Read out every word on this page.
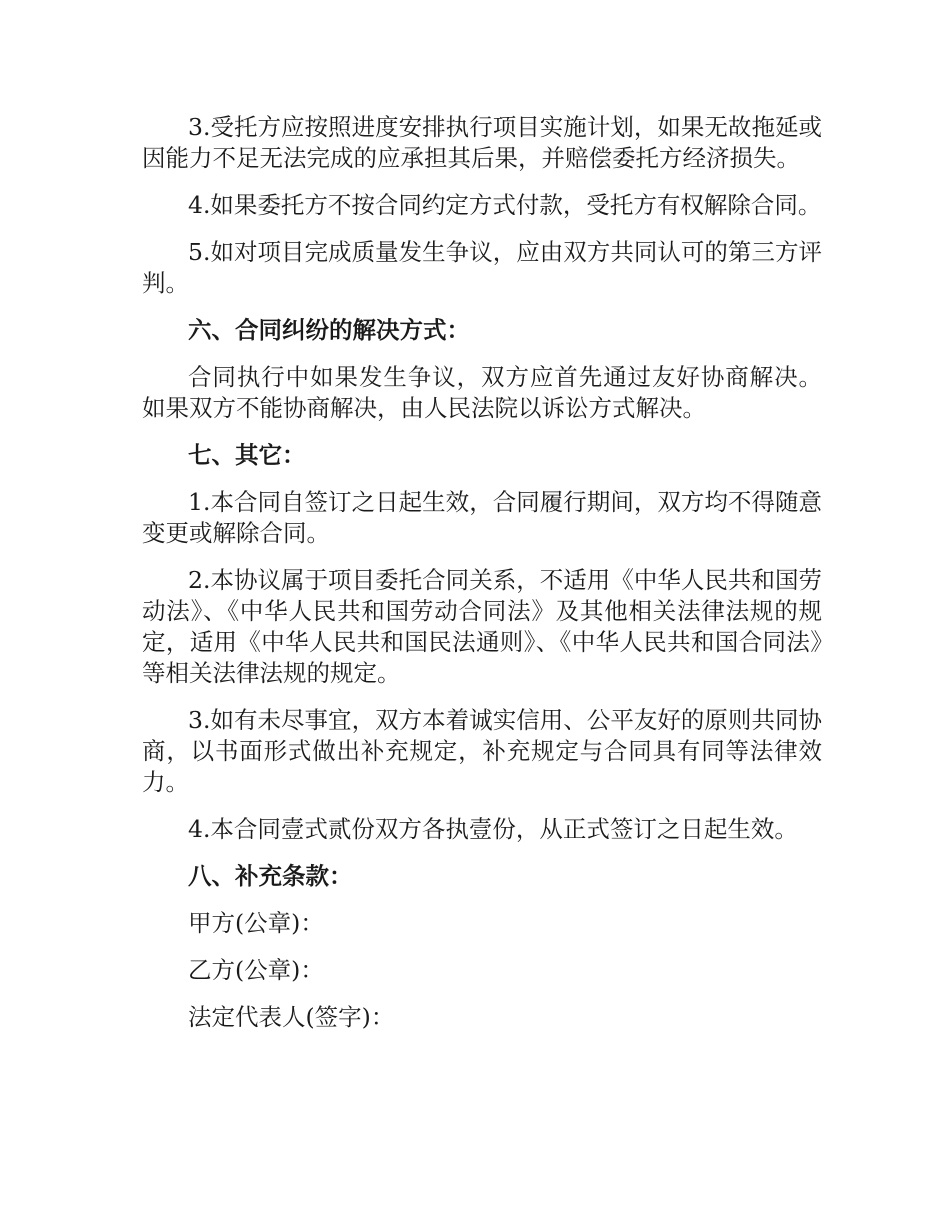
3.受托方应按照进度安排执行项目实施计划，如果无故拖延或因能力不足无法完成的应承担其后果，并赔偿委托方经济损失。

4.如果委托方不按合同约定方式付款，受托方有权解除合同。

5.如对项目完成质量发生争议，应由双方共同认可的第三方评判。

六、合同纠纷的解决方式：

合同执行中如果发生争议，双方应首先通过友好协商解决。如果双方不能协商解决，由人民法院以诉讼方式解决。

七、其它：

1.本合同自签订之日起生效，合同履行期间，双方均不得随意变更或解除合同。

2.本协议属于项目委托合同关系，不适用《中华人民共和国劳动法》、《中华人民共和国劳动合同法》及其他相关法律法规的规定，适用《中华人民共和国民法通则》、《中华人民共和国合同法》等相关法律法规的规定。

3.如有未尽事宜，双方本着诚实信用、公平友好的原则共同协商，以书面形式做出补充规定，补充规定与合同具有同等法律效力。

4.本合同壹式贰份双方各执壹份，从正式签订之日起生效。

八、补充条款：

甲方(公章)：

乙方(公章)：

法定代表人(签字)：
